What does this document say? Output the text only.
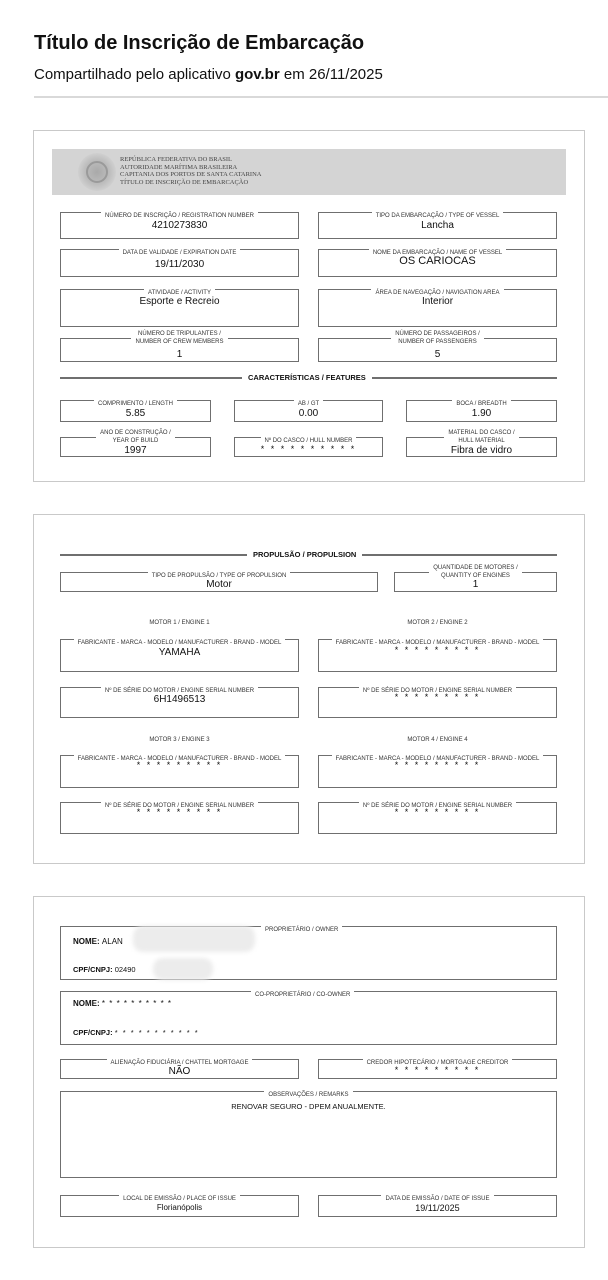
Título de Inscrição de Embarcação
Compartilhado pelo aplicativo gov.br em 26/11/2025
REPÚBLICA FEDERATIVA DO BRASIL
AUTORIDADE MARÍTIMA BRASILEIRA
CAPITANIA DOS PORTOS DE SANTA CATARINA
TÍTULO DE INSCRIÇÃO DE EMBARCAÇÃO
NÚMERO DE INSCRIÇÃO / REGISTRATION NUMBER
4210273830
TIPO DA EMBARCAÇÃO / TYPE OF VESSEL
Lancha
DATA DE VALIDADE / EXPIRATION DATE
19/11/2030
NOME DA EMBARCAÇÃO / NAME OF VESSEL
OS CARIOCAS
ATIVIDADE / ACTIVITY
Esporte e Recreio
ÁREA DE NAVEGAÇÃO / NAVIGATION AREA
Interior
NÚMERO DE TRIPULANTES /
NUMBER OF CREW MEMBERS
1
NÚMERO DE PASSAGEIROS /
NUMBER OF PASSENGERS
5
CARACTERÍSTICAS / FEATURES
COMPRIMENTO / LENGTH
5.85
AB / GT
0.00
BOCA / BREADTH
1.90
ANO DE CONSTRUÇÃO /
YEAR OF BUILD
1997
Nº DO CASCO / HULL NUMBER
* * * * * * * * * *
MATERIAL DO CASCO /
HULL MATERIAL
Fibra de vidro
PROPULSÃO / PROPULSION
TIPO DE PROPULSÃO / TYPE OF PROPULSION
Motor
QUANTIDADE DE MOTORES /
QUANTITY OF ENGINES
1
MOTOR 1 / ENGINE 1	MOTOR 2 / ENGINE 2
FABRICANTE - MARCA - MODELO / MANUFACTURER - BRAND - MODEL
YAMAHA
FABRICANTE - MARCA - MODELO / MANUFACTURER - BRAND - MODEL
* * * * * * * * *
Nº DE SÉRIE DO MOTOR / ENGINE SERIAL NUMBER
6H1496513
Nº DE SÉRIE DO MOTOR / ENGINE SERIAL NUMBER
* * * * * * * * *
MOTOR 3 / ENGINE 3	MOTOR 4 / ENGINE 4
FABRICANTE - MARCA - MODELO / MANUFACTURER - BRAND - MODEL
* * * * * * * * *
FABRICANTE - MARCA - MODELO / MANUFACTURER - BRAND - MODEL
* * * * * * * * *
Nº DE SÉRIE DO MOTOR / ENGINE SERIAL NUMBER
* * * * * * * * *
Nº DE SÉRIE DO MOTOR / ENGINE SERIAL NUMBER
* * * * * * * * *
PROPRIETÁRIO / OWNER
NOME: ALAN
CPF/CNPJ: 02490
CO-PROPRIETÁRIO / CO-OWNER
NOME: * * * * * * * * * *
CPF/CNPJ: * * * * * * * * * * *
ALIENAÇÃO FIDUCIÁRIA / CHATTEL MORTGAGE
NÃO
CREDOR HIPOTECÁRIO / MORTGAGE CREDITOR
* * * * * * * * *
OBSERVAÇÕES / REMARKS
RENOVAR SEGURO - DPEM ANUALMENTE.
LOCAL DE EMISSÃO / PLACE OF ISSUE
Florianópolis
DATA DE EMISSÃO / DATE OF ISSUE
19/11/2025
